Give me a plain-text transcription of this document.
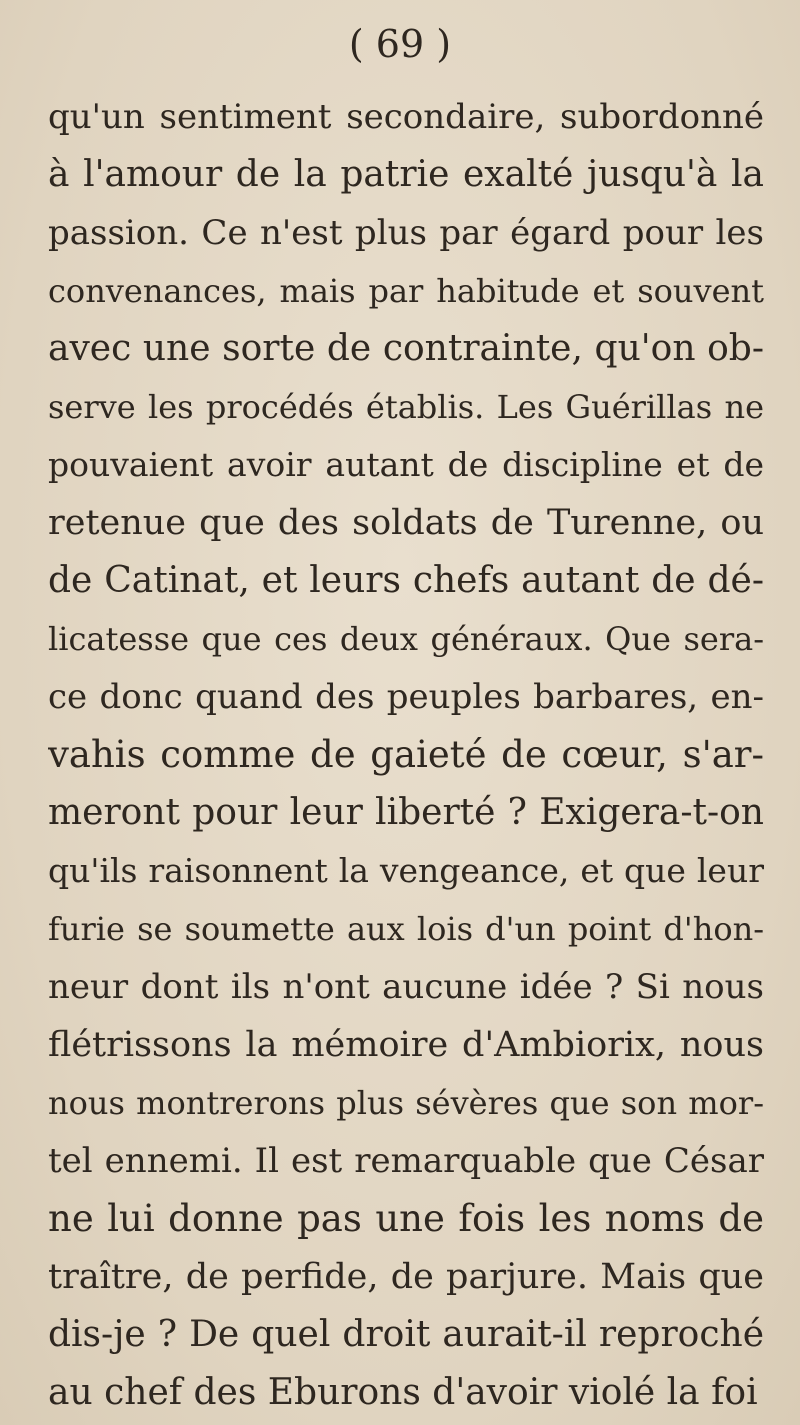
( 69 )
qu'un sentiment secondaire, subordonné
à l'amour de la patrie exalté jusqu'à la
passion. Ce n'est plus par égard pour les
convenances, mais par habitude et souvent
avec une sorte de contrainte, qu'on ob-
serve les procédés établis. Les Guérillas ne
pouvaient avoir autant de discipline et de
retenue que des soldats de Turenne, ou
de Catinat, et leurs chefs autant de dé-
licatesse que ces deux généraux. Que sera-
ce donc quand des peuples barbares, en-
vahis comme de gaieté de cœur, s'ar-
meront pour leur liberté ? Exigera-t-on
qu'ils raisonnent la vengeance, et que leur
furie se soumette aux lois d'un point d'hon-
neur dont ils n'ont aucune idée ? Si nous
flétrissons la mémoire d'Ambiorix, nous
nous montrerons plus sévères que son mor-
tel ennemi. Il est remarquable que César
ne lui donne pas une fois les noms de
traître, de perfide, de parjure. Mais que
dis-je ? De quel droit aurait-il reproché
au chef des Eburons d'avoir violé la foi
